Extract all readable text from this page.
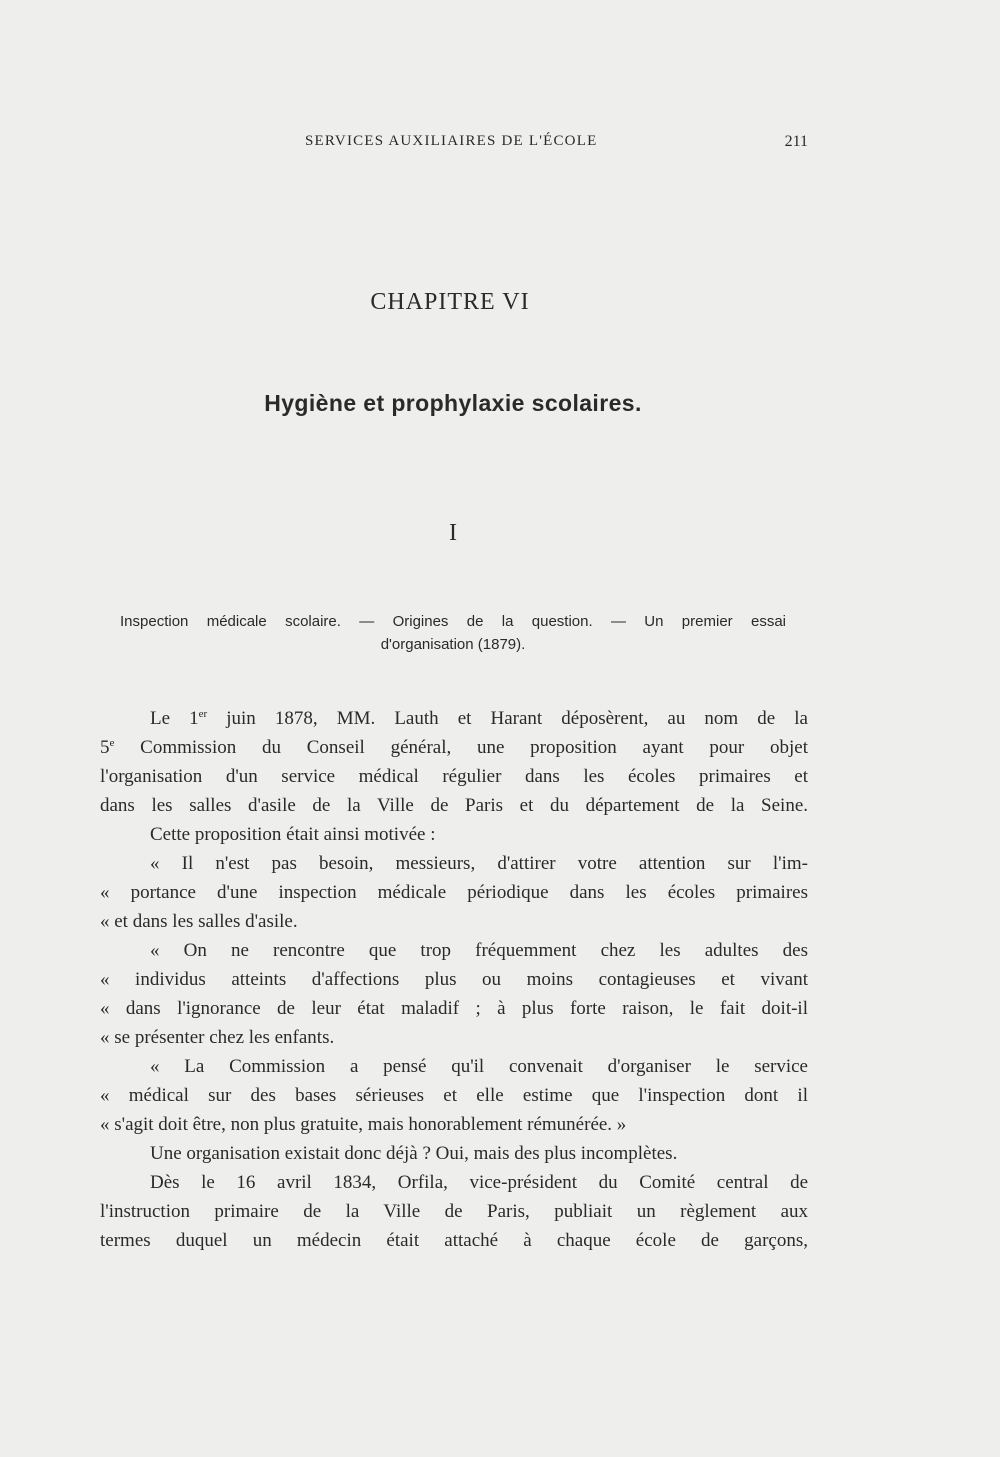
SERVICES AUXILIAIRES DE L'ÉCOLE	211
CHAPITRE VI
Hygiène et prophylaxie scolaires.
I
Inspection médicale scolaire. — Origines de la question. — Un premier essai
d'organisation (1879).
Le 1er juin 1878, MM. Lauth et Harant déposèrent, au nom de la
5e Commission du Conseil général, une proposition ayant pour objet
l'organisation d'un service médical régulier dans les écoles primaires et
dans les salles d'asile de la Ville de Paris et du département de la Seine.
Cette proposition était ainsi motivée :
« Il n'est pas besoin, messieurs, d'attirer votre attention sur l'im-
« portance d'une inspection médicale périodique dans les écoles primaires
« et dans les salles d'asile.
« On ne rencontre que trop fréquemment chez les adultes des
« individus atteints d'affections plus ou moins contagieuses et vivant
« dans l'ignorance de leur état maladif ; à plus forte raison, le fait doit-il
« se présenter chez les enfants.
« La Commission a pensé qu'il convenait d'organiser le service
« médical sur des bases sérieuses et elle estime que l'inspection dont il
« s'agit doit être, non plus gratuite, mais honorablement rémunérée. »
Une organisation existait donc déjà ? Oui, mais des plus incomplètes.
Dès le 16 avril 1834, Orfila, vice-président du Comité central de
l'instruction primaire de la Ville de Paris, publiait un règlement aux
termes duquel un médecin était attaché à chaque école de garçons,
